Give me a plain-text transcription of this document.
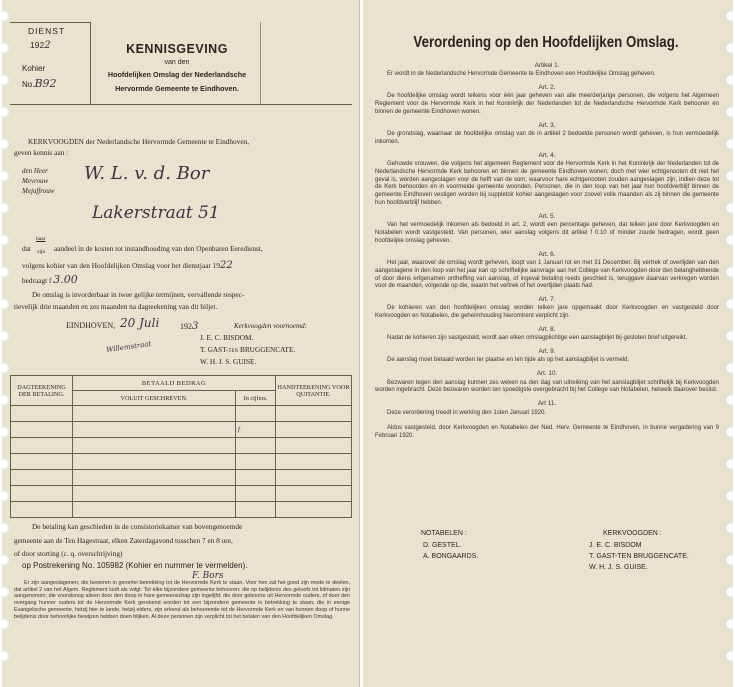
DIENST
1922
Kohier
No.B92
KENNISGEVING
van den
Hoofdelijken Omslag der Nederlandsche
Hervormde Gemeente te Eindhoven.
KERKVOOGDEN der Nederlandsche Hervormde Gemeente te Eindhoven,
geven kennis aan :
den Heer
Mevrouw
Mejuffrouw
W. L. v. d. Bor
Lakerstraat 51
dat
haar
zijn aandeel in de kosten tot instandhouding van den Openbaren Eeredienst,
volgens kohier van den Hoofdelijken Omslag voor het dienstjaar 1922
bedraagt f 3.00
De omslag is invorderbaar in twee gelijke termijnen, vervallende respec-
tievelijk drie maanden en zes maanden na dagteekening van dit biljet.
EINDHOVEN, 20 Juli	1923	Kerkvoogden voornoemd:
Willemstraat
J. E. C. BISDOM.
T. GAST-TEN BRUGGENCATE.
W. H. J. S. GUISE.
DAGTEEKENING DER BETALING.	BETAALD BEDRAG		HANDTEEKENING VOOR QUITANTIE.
	VOLUIT GESCHREVEN.	In cijfers.	

		f	

De betaling kan geschieden in de consistoriekamer van bovengenoemde
gemeente aan de Ten Hagestraat, elken Zaterdagavond tusschen 7 en 8 ure,
of door storting (c. q. overschrijving)
op Postrekening No. 105982 (Kohier en nummer te vermelden).
F. Bors
Er zijn aangeslagenen, die beweren in generlei betrekking tot de Hervormde Kerk te staan. Voor hen zal het goed zijn mede te deelen, dat artikel 2 van het Algem. Reglement luidt als volgt: Tot elke bijzondere gemeente behooren: die op belijdenis des geloofs tot lidmaten zijn aangenomen; die vooralsnog alleen door den doop in hare gemeenschap zijn ingelijfd; die door geboorte uit Hervormde ouders, of door den overgang hunner ouders tot de Hervormde Kerk gerekend worden tot een bijzondere gemeente in betrekking te staan; die in eenige Evangelische gemeente, hetzij hier te lande, hetzij elders, zijn erkend als behoorende tot de Hervormde Kerk en van hunnen doop of hunne belijdenis door behoorlijke bewijzen hebben doen blijken. Al deze personen zijn verplicht tot het betalen van den Hoofdelijken Omslag.
Verordening op den Hoofdelijken Omslag.
Artikel 1.

Er wordt in de Nederlandsche Hervormde Gemeente te Eindhoven een Hoofdelijke Omslag geheven.

Art. 2.

De hoofdelijke omslag wordt telkens voor één jaar geheven van alle meerderjarige personen, die volgens het Algemeen Reglement voor de Hervormde Kerk in het Koninkrijk der Nederlanden tot de Nederlandsche Hervormde Kerk behooren en binnen de gemeente Eindhoven wonen.

Art. 3.

De grondslag, waarnaar de hoofdelijke omslag van de in artikel 2 bedoelde personen wordt geheven, is hun vermoedelijk inkomen.

Art. 4.

Gehuwde vrouwen, die volgens het algemeen Reglement voor de Hervormde Kerk in het Koninkrijk der Nederlanden tot de Nederlandsche Hervormde Kerk behooren en binnen de gemeente Eindhoven wonen, doch met wier echtgenooten dit niet het geval is, worden aangeslagen voor de helft van de som, waarvoor hare echtgenooten zouden aangeslagen zijn, indien deze tot de Kerk behoorden en in voormelde gemeente woonden. Personen, die in den loop van het jaar hun hoofdverblijf binnen de gemeente Eindhoven vestigen worden bij suppletoir kohier aangeslagen voor zoovel volle maanden als zij binnen die gemeente hun hoofdverblijf hebben.

Art. 5.

Van het vermoedelijk inkomen als bedoeld in art. 2, wordt een percentage geheven, dat telken jare door Kerkvoogden en Notabelen wordt vastgesteld. Van personen, wier aanslag volgens dit artikel f 0.10 of minder zoude bedragen, wordt geen hoofdelijke omslag geheven.

Art. 6.

Het jaar, waarover de omslag wordt geheven, loopt van 1 Januari tot en met 31 December. Bij vertrek of overlijden van den aangeslagene in den loop van het jaar kan op schriftelijke aanvrage aan het College van Kerkvoogden door den belanghebbende of door diens erfgenamen ontheffing van aanslag, of ingeval betaling reeds geschied is, teruggave daarvan verkregen worden voor de maanden, volgende op die, waarin het vertrek of het overlijden plaats had.

Art. 7.

De kohieren van den hoofdelijken omslag worden telken jare opgemaakt door Kerkvoogden en vastgesteld door Kerkvoogden en Notabelen, die geheimhouding hieromtrent verplicht zijn.

Art. 8.

Nadat de kohieren zijn vastgesteld, wordt aan elken omslagplichtige een aanslagbiljet bij gesloten brief uitgereikt.

Art. 9.

De aanslag moet betaald worden ter plaatse en ten tijde als op het aanslagbiljet is vermeld.

Art. 10.

Bezwaren tegen den aanslag kunnen zes weken na den dag van uitreiking van het aanslagbiljet schriftelijk bij Kerkvoogden worden ingebracht. Deze bezwaren worden ten spoedigste overgebracht bij het College van Notabelen, hetwelk daarover beslist.

Art 11.

Deze verordening treedt in werking den 1sten Januari 1920.

Aldus vastgesteld, door Kerkvoogden en Notabelen der Ned. Herv. Gemeente te Eindhoven, in bunne vergadering van 9 Februari 1920.

NOTABELEN :
D. GESTEL.
A. BONGAARDS.
KERKVOOGDEN :
J. E. C. BISDOM
T. GAST-TEN BRUGGENCATE.
W. H. J. S. GUISE.
